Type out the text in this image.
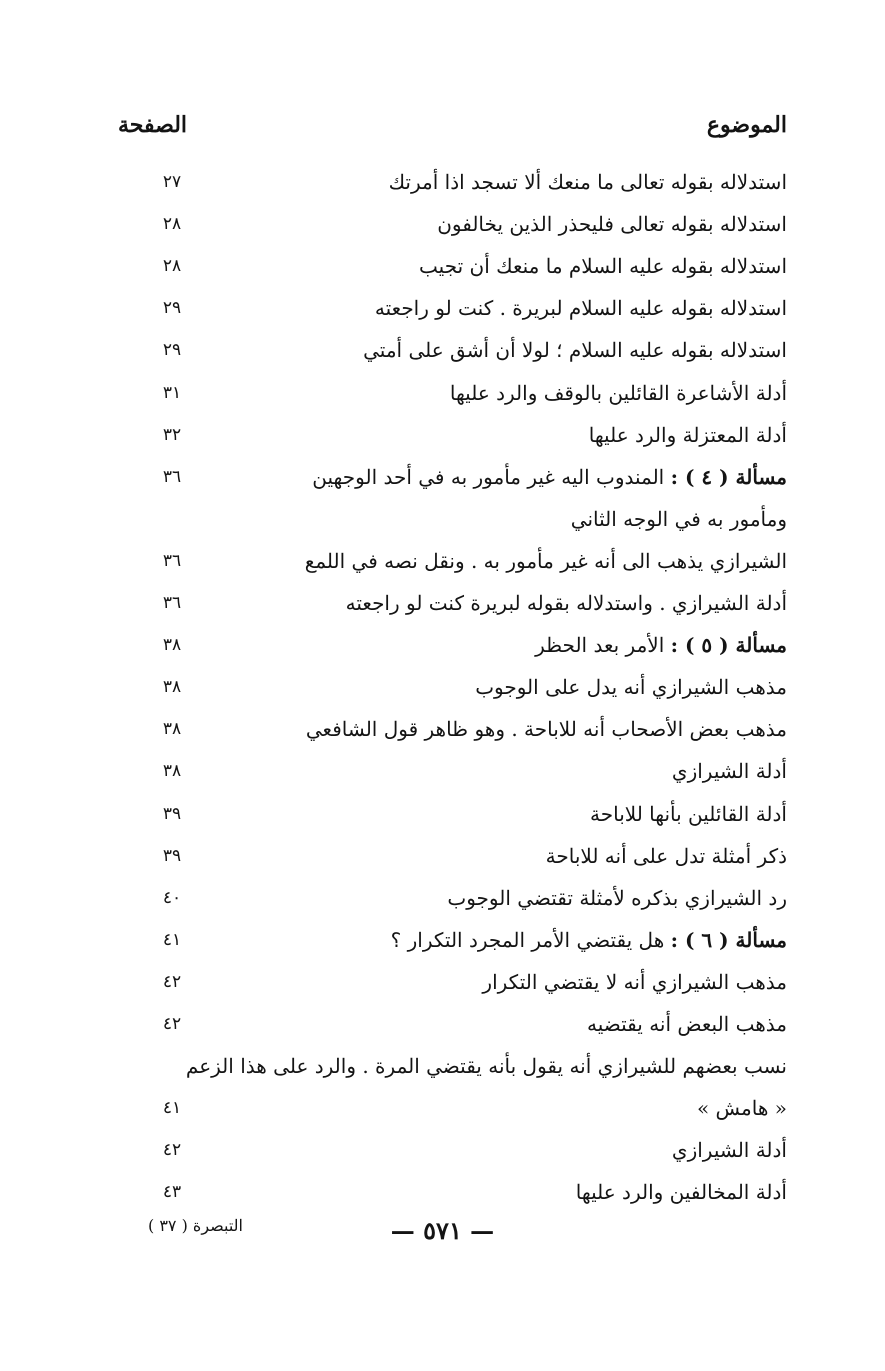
الموضوع
الصفحة
استدلاله بقوله تعالى ما منعك ألا تسجد اذا أمرتك
٢٧
استدلاله بقوله تعالى فليحذر الذين يخالفون
٢٨
استدلاله بقوله عليه السلام ما منعك أن تجيب
٢٨
استدلاله بقوله عليه السلام لبريرة . كنت لو راجعته
٢٩
استدلاله بقوله عليه السلام ؛ لولا أن أشق على أمتي
٢٩
أدلة الأشاعرة القائلين بالوقف والرد عليها
٣١
أدلة المعتزلة والرد عليها
٣٢
مسألة ( ٤ ) : المندوب اليه غير مأمور به في أحد الوجهين
٣٦
ومأمور به في الوجه الثاني
الشيرازي يذهب الى أنه غير مأمور به . ونقل نصه في اللمع
٣٦
أدلة الشيرازي . واستدلاله بقوله لبريرة كنت لو راجعته
٣٦
مسألة ( ٥ ) : الأمر بعد الحظر
٣٨
مذهب الشيرازي أنه يدل على الوجوب
٣٨
مذهب بعض الأصحاب أنه للاباحة . وهو ظاهر قول الشافعي
٣٨
أدلة الشيرازي
٣٨
أدلة القائلين بأنها للاباحة
٣٩
ذكر أمثلة تدل على أنه للاباحة
٣٩
رد الشيرازي بذكره لأمثلة تقتضي الوجوب
٤٠
مسألة ( ٦ ) : هل يقتضي الأمر المجرد التكرار ؟
٤١
مذهب الشيرازي أنه لا يقتضي التكرار
٤٢
مذهب البعض أنه يقتضيه
٤٢
نسب بعضهم للشيرازي أنه يقول بأنه يقتضي المرة . والرد على هذا الزعم
« هامش »
٤١
أدلة الشيرازي
٤٢
أدلة المخالفين والرد عليها
٤٣
— ٥٧١ —
التبصرة ( ٣٧ )
